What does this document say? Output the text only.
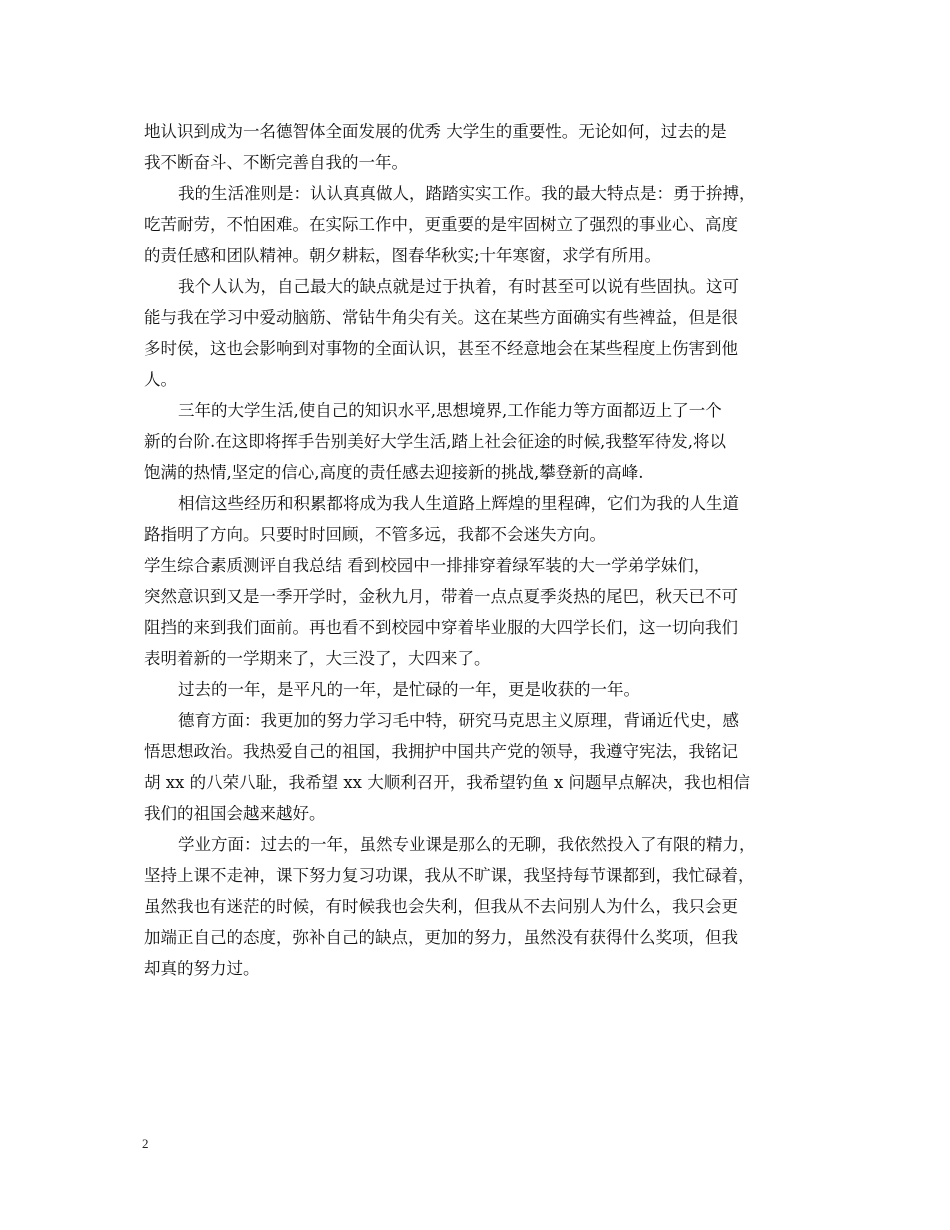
地认识到成为一名德智体全面发展的优秀 大学生的重要性。无论如何，过去的是
我不断奋斗、不断完善自我的一年。
我的生活准则是：认认真真做人，踏踏实实工作。我的最大特点是：勇于拚搏，
吃苦耐劳，不怕困难。在实际工作中，更重要的是牢固树立了强烈的事业心、高度
的责任感和团队精神。朝夕耕耘，图春华秋实;十年寒窗，求学有所用。
我个人认为，自己最大的缺点就是过于执着，有时甚至可以说有些固执。这可
能与我在学习中爱动脑筋、常钻牛角尖有关。这在某些方面确实有些裨益，但是很
多时侯，这也会影响到对事物的全面认识，甚至不经意地会在某些程度上伤害到他
人。
三年的大学生活,使自己的知识水平,思想境界,工作能力等方面都迈上了一个
新的台阶.在这即将挥手告别美好大学生活,踏上社会征途的时候,我整军待发,将以
饱满的热情,坚定的信心,高度的责任感去迎接新的挑战,攀登新的高峰.
相信这些经历和积累都将成为我人生道路上辉煌的里程碑，它们为我的人生道
路指明了方向。只要时时回顾，不管多远，我都不会迷失方向。
学生综合素质测评自我总结 看到校园中一排排穿着绿军装的大一学弟学妹们，
突然意识到又是一季开学时，金秋九月，带着一点点夏季炎热的尾巴，秋天已不可
阻挡的来到我们面前。再也看不到校园中穿着毕业服的大四学长们，这一切向我们
表明着新的一学期来了，大三没了，大四来了。
过去的一年，是平凡的一年，是忙碌的一年，更是收获的一年。
德育方面：我更加的努力学习毛中特，研究马克思主义原理，背诵近代史，感
悟思想政治。我热爱自己的祖国，我拥护中国共产党的领导，我遵守宪法，我铭记
胡 xx 的八荣八耻，我希望 xx 大顺利召开，我希望钓鱼 x 问题早点解决，我也相信
我们的祖国会越来越好。
学业方面：过去的一年，虽然专业课是那么的无聊，我依然投入了有限的精力，
坚持上课不走神，课下努力复习功课，我从不旷课，我坚持每节课都到，我忙碌着，
虽然我也有迷茫的时候，有时候我也会失利，但我从不去问别人为什么，我只会更
加端正自己的态度，弥补自己的缺点，更加的努力，虽然没有获得什么奖项，但我
却真的努力过。
2
